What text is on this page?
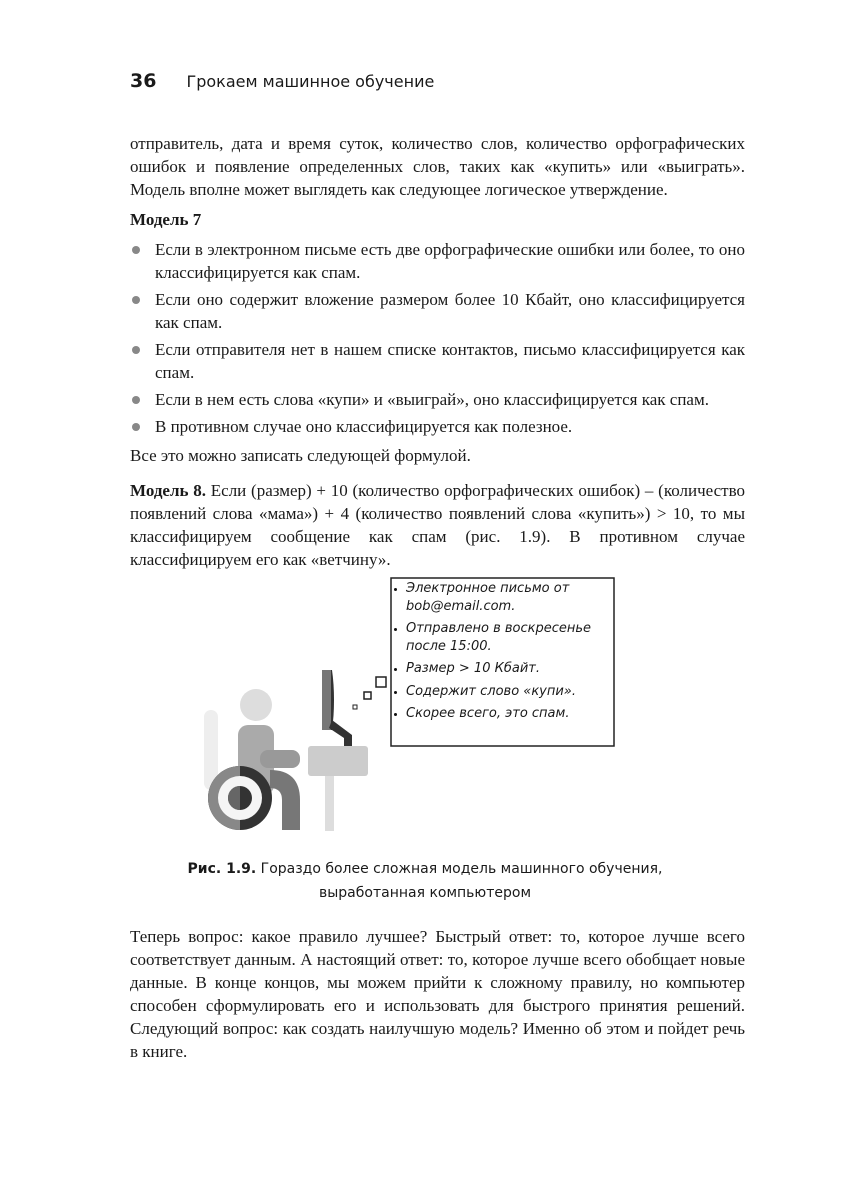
36 Грокаем машинное обучение

отправитель, дата и время суток, количество слов, количество орфографических ошибок и появление определенных слов, таких как «купить» или «выиграть». Модель вполне может выглядеть как следующее логическое утверждение.

Модель 7

Если в электронном письме есть две орфографические ошибки или более, то оно классифицируется как спам.
Если оно содержит вложение размером более 10 Кбайт, оно классифицируется как спам.
Если отправителя нет в нашем списке контактов, письмо классифицируется как спам.
Если в нем есть слова «купи» и «выиграй», оно классифицируется как спам.
В противном случае оно классифицируется как полезное.

Все это можно записать следующей формулой.

Модель 8. Если (размер) + 10 (количество орфографических ошибок) – (количество появлений слова «мама») + 4 (количество появлений слова «купить») > 10, то мы классифицируем сообщение как спам (рис. 1.9). В противном случае классифицируем его как «ветчину».

Электронное письмо от bob@email.com.
Отправлено в воскресенье после 15:00.
Размер > 10 Кбайт.
Содержит слово «купи».
Скорее всего, это спам.
Рис. 1.9. Гораздо более сложная модель машинного обучения, выработанная компьютером

Теперь вопрос: какое правило лучшее? Быстрый ответ: то, которое лучше всего соответствует данным. А настоящий ответ: то, которое лучше всего обобщает новые данные. В конце концов, мы можем прийти к сложному правилу, но компьютер способен сформулировать его и использовать для быстрого принятия решений. Следующий вопрос: как создать наилучшую модель? Именно об этом и пойдет речь в книге.
